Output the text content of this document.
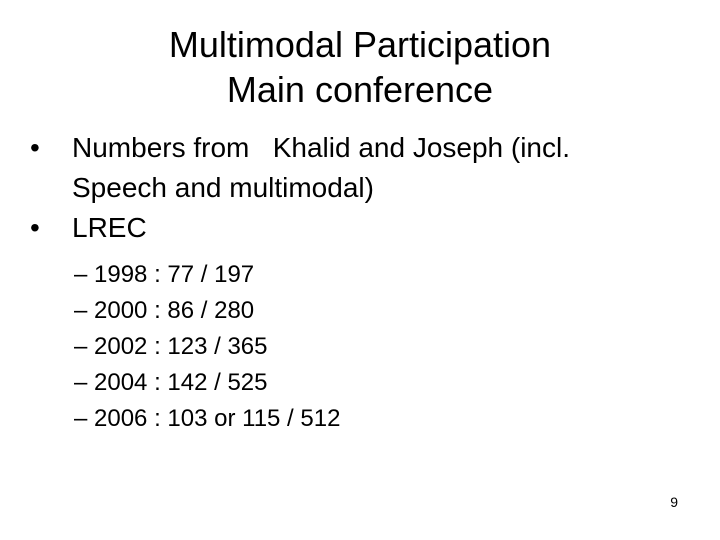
Multimodal Participation
Main conference
• Numbers from   Khalid and Joseph (incl.
Speech and multimodal)
• LREC
– 1998 : 77 / 197
– 2000 : 86 / 280
– 2002 : 123 / 365
– 2004 : 142 / 525
– 2006 : 103 or 115 / 512
9
